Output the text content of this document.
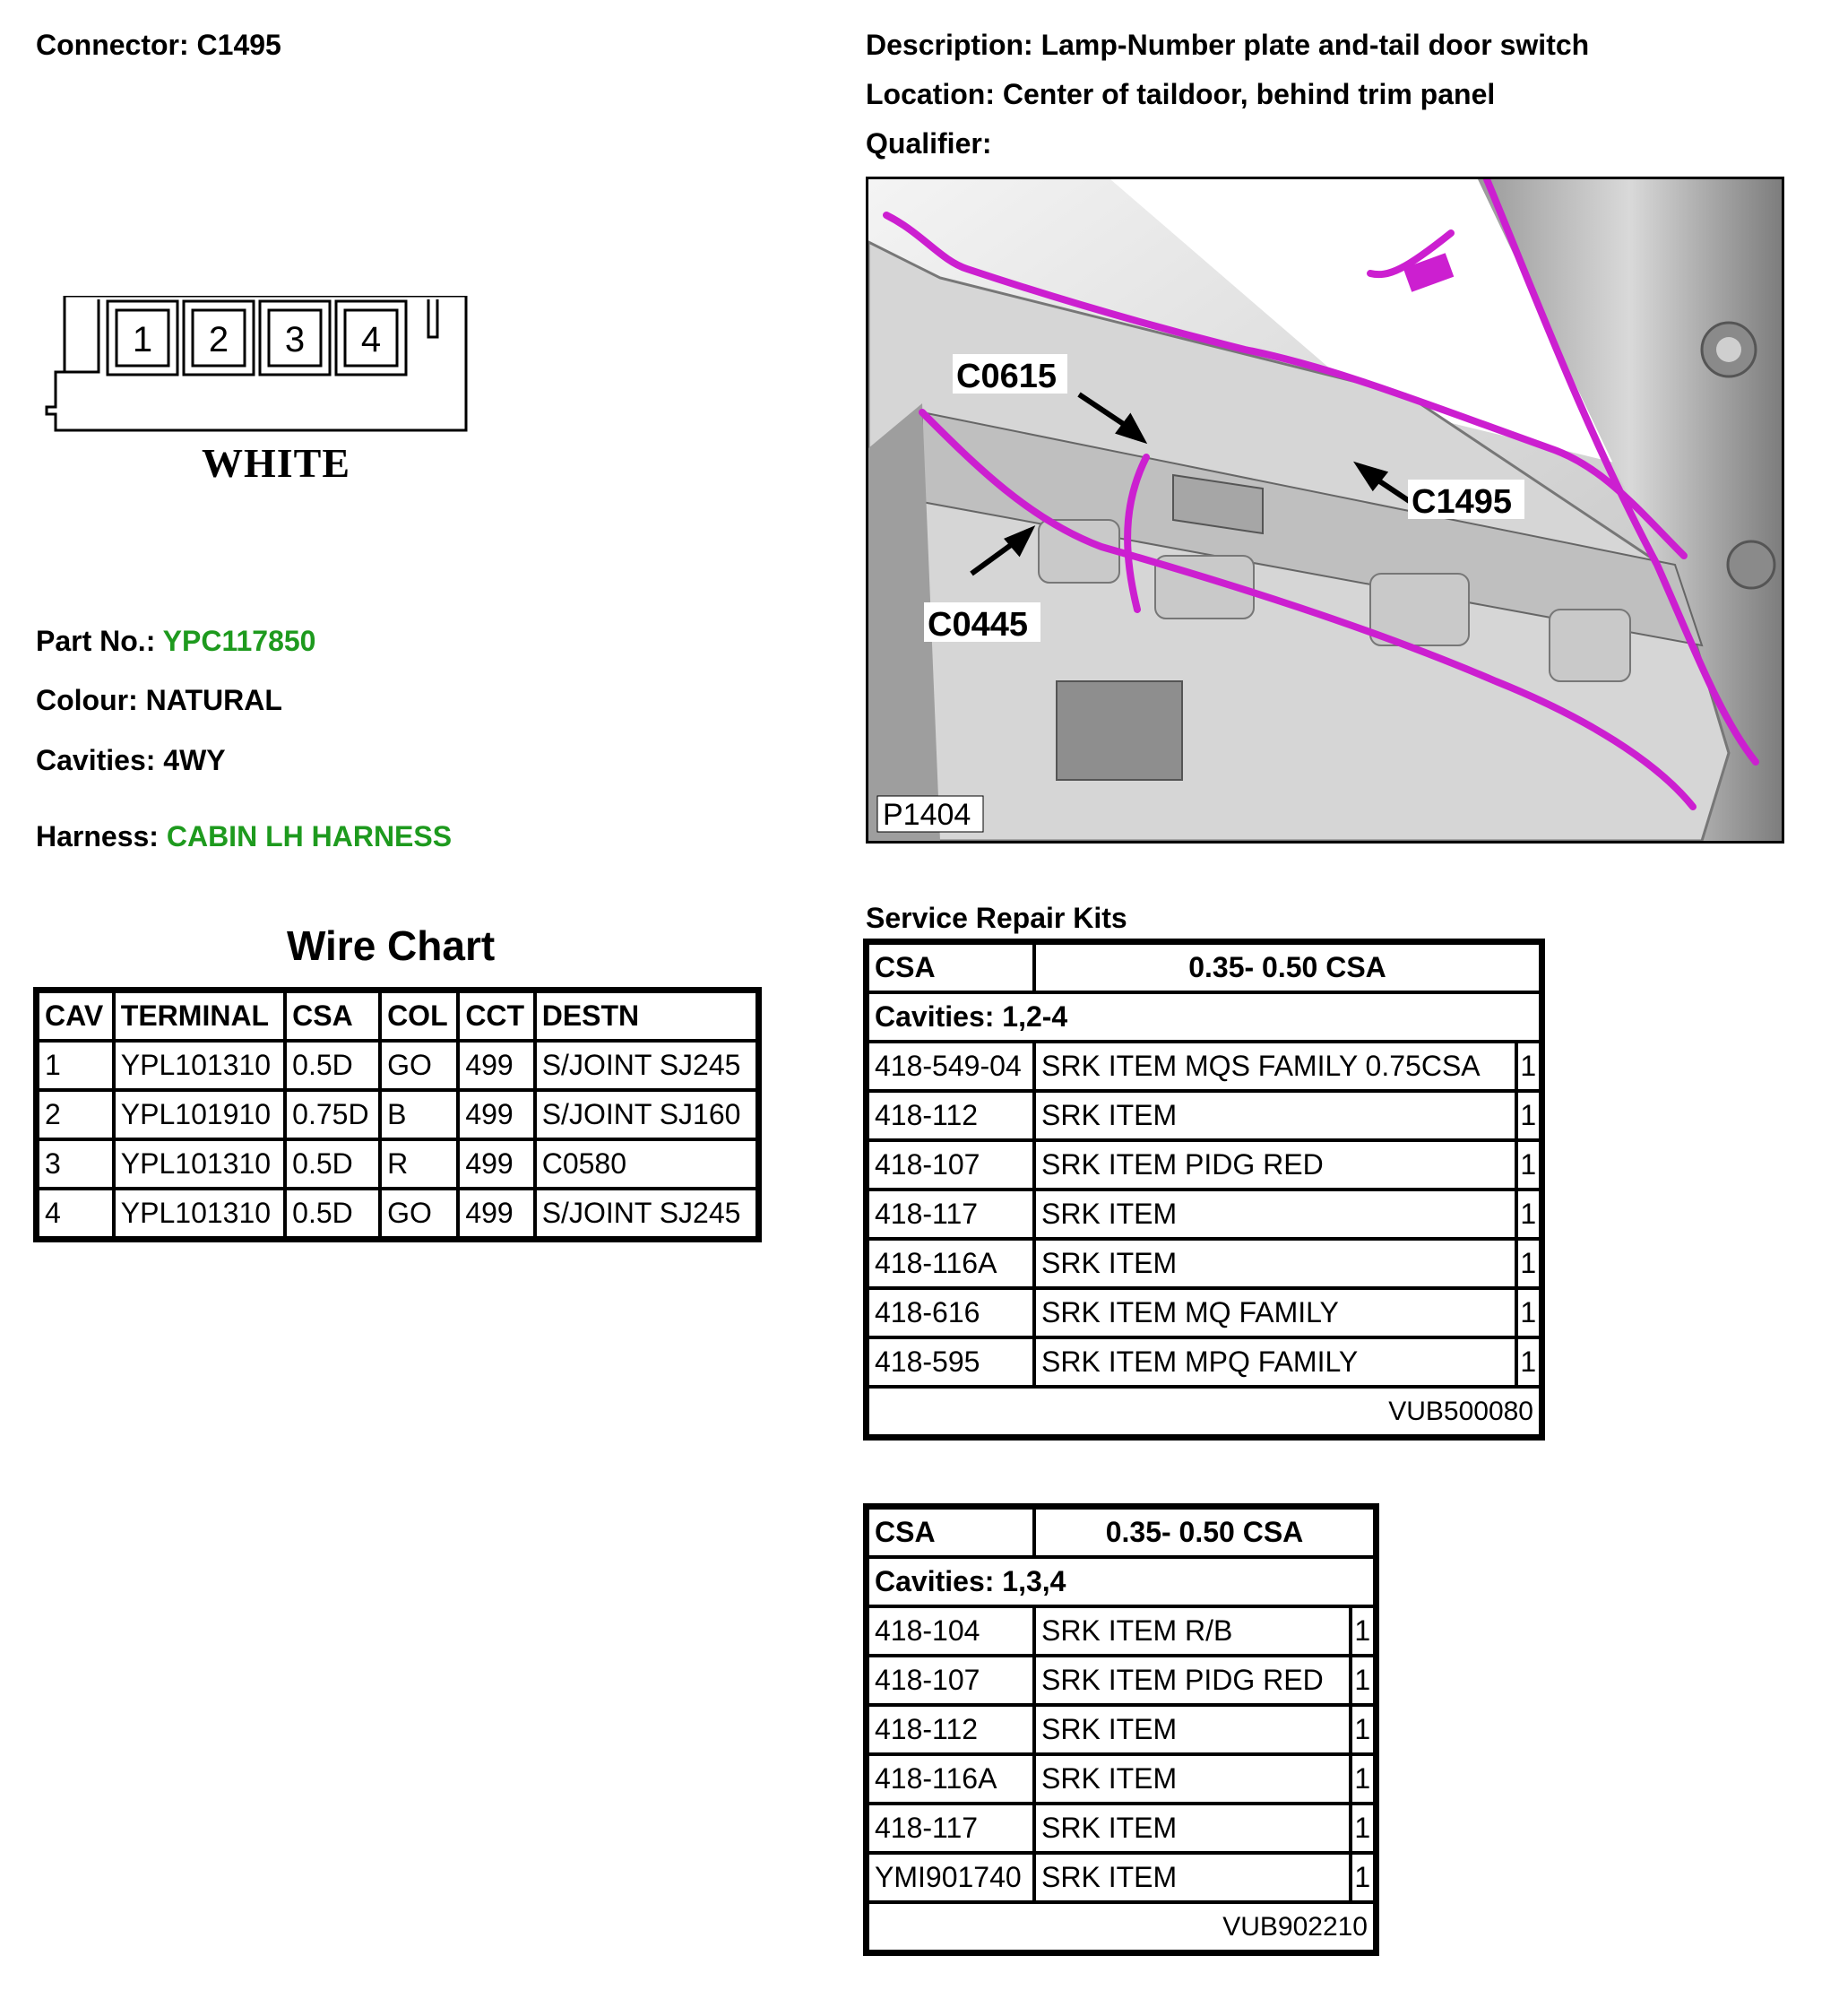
Connector: C1495	Description: Lamp-Number plate and-tail door switch
Location: Center of taildoor, behind trim panel
Qualifier:
1 2 3 4
WHITE
Part No.: YPC117850
Colour: NATURAL
Cavities: 4WY
Harness: CABIN LH HARNESS
C0615
C1495
C0445
P1404
Wire Chart
CAV	TERMINAL	CSA	COL	CCT	DESTN
1	YPL101310	0.5D	GO	499	S/JOINT SJ245
2	YPL101910	0.75D	B	499	S/JOINT SJ160
3	YPL101310	0.5D	R	499	C0580
4	YPL101310	0.5D	GO	499	S/JOINT SJ245
Service Repair Kits
CSA	0.35- 0.50 CSA	
Cavities: 1,2-4		
418-549-04	SRK ITEM MQS FAMILY 0.75CSA	1
418-112	SRK ITEM	1
418-107	SRK ITEM PIDG RED	1
418-117	SRK ITEM	1
418-116A	SRK ITEM	1
418-616	SRK ITEM MQ FAMILY	1
418-595	SRK ITEM MPQ FAMILY	1
VUB500080		
CSA	0.35- 0.50 CSA	
Cavities: 1,3,4		
418-104	SRK ITEM R/B	1
418-107	SRK ITEM PIDG RED	1
418-112	SRK ITEM	1
418-116A	SRK ITEM	1
418-117	SRK ITEM	1
YMI901740	SRK ITEM	1
VUB902210		
